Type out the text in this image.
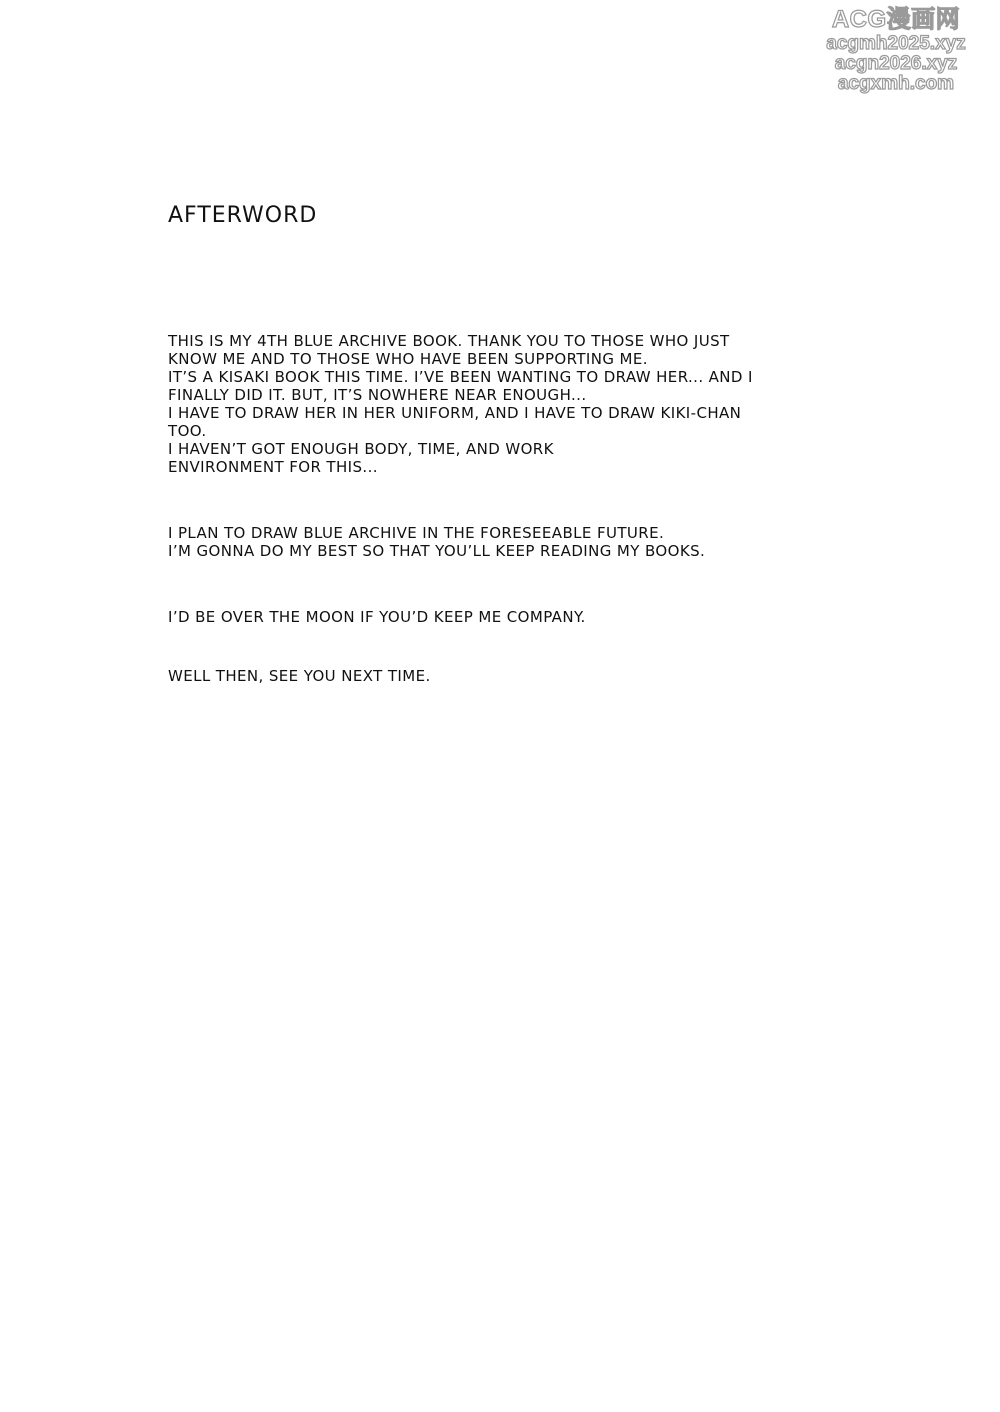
ACG漫画网
acgmh2025.xyz
acgn2026.xyz
acgxmh.com
AFTERWORD

THIS IS MY 4TH BLUE ARCHIVE BOOK. THANK YOU TO THOSE WHO JUST
KNOW ME AND TO THOSE WHO HAVE BEEN SUPPORTING ME.
IT’S A KISAKI BOOK THIS TIME. I’VE BEEN WANTING TO DRAW HER... AND I
FINALLY DID IT. BUT, IT’S NOWHERE NEAR ENOUGH...
I HAVE TO DRAW HER IN HER UNIFORM, AND I HAVE TO DRAW KIKI-CHAN
TOO.
I HAVEN’T GOT ENOUGH BODY, TIME, AND WORK
ENVIRONMENT FOR THIS...

I PLAN TO DRAW BLUE ARCHIVE IN THE FORESEEABLE FUTURE.
I’M GONNA DO MY BEST SO THAT YOU’LL KEEP READING MY BOOKS.

I’D BE OVER THE MOON IF YOU’D KEEP ME COMPANY.

WELL THEN, SEE YOU NEXT TIME.
